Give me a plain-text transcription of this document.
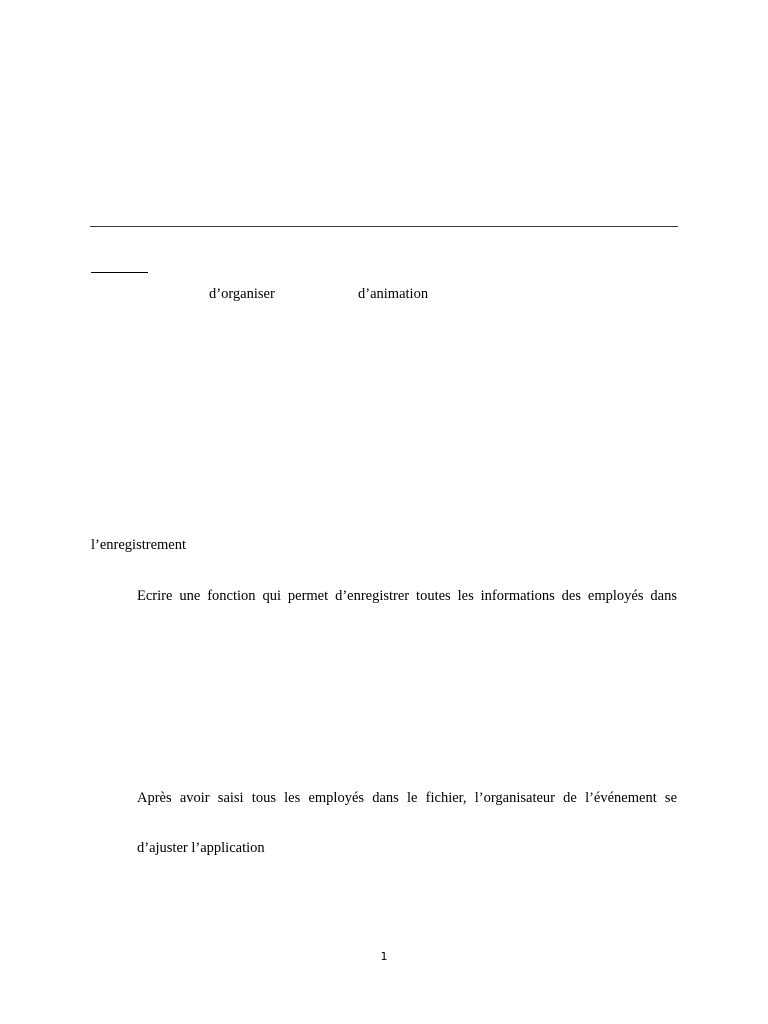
d’organiser	d’animation

l’enregistrement

Ecrire une fonction qui permet d’enregistrer toutes les informations des employés dans

Après avoir saisi tous les employés dans le fichier, l’organisateur de l’événement se

d’ajuster l’application

1
